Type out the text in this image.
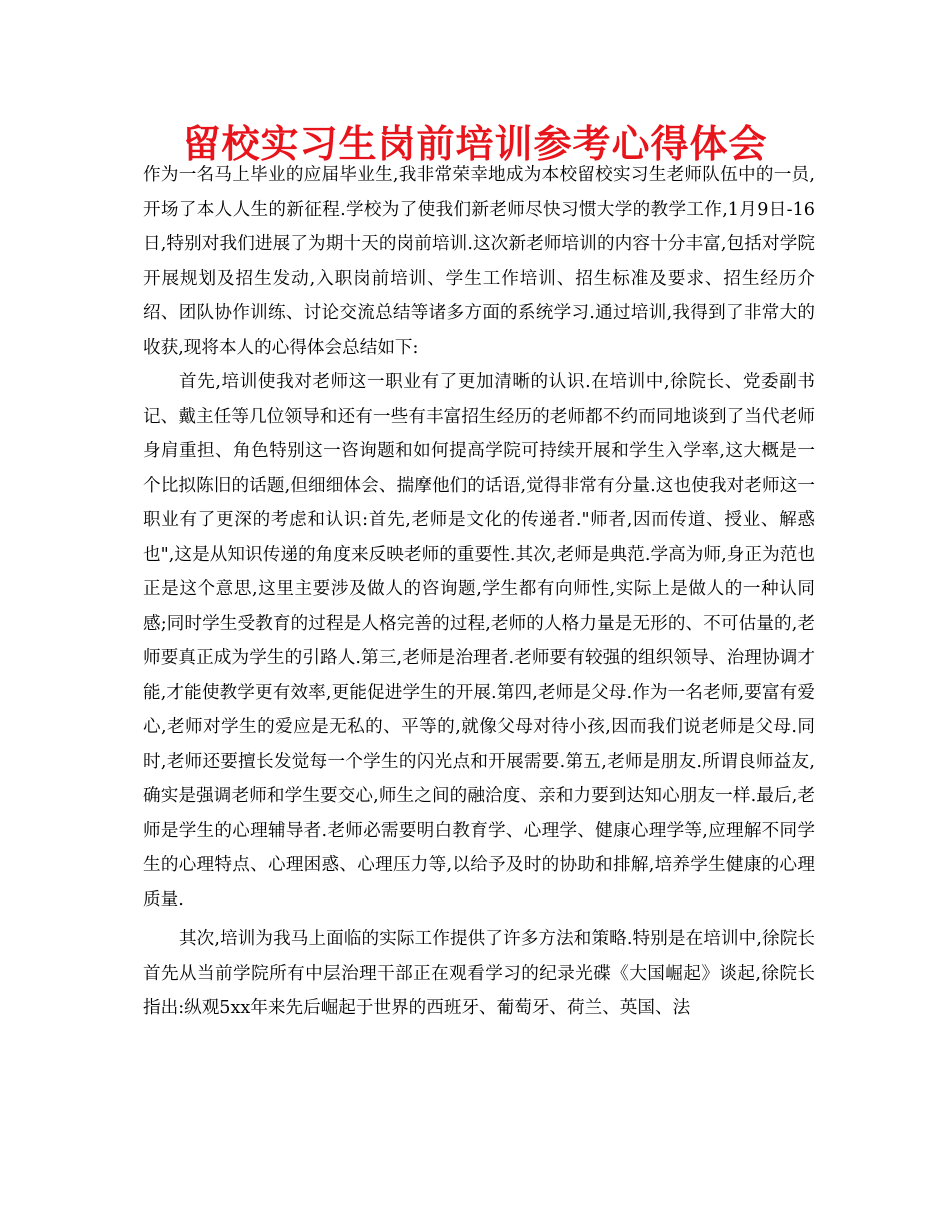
留校实习生岗前培训参考心得体会

作为一名马上毕业的应届毕业生,我非常荣幸地成为本校留校实习生老师队伍中的一员,开场了本人人生的新征程.学校为了使我们新老师尽快习惯大学的教学工作,1月9日-16日,特别对我们进展了为期十天的岗前培训.这次新老师培训的内容十分丰富,包括对学院开展规划及招生发动,入职岗前培训、学生工作培训、招生标准及要求、招生经历介绍、团队协作训练、讨论交流总结等诸多方面的系统学习.通过培训,我得到了非常大的收获,现将本人的心得体会总结如下:

首先,培训使我对老师这一职业有了更加清晰的认识.在培训中,徐院长、党委副书记、戴主任等几位领导和还有一些有丰富招生经历的老师都不约而同地谈到了当代老师身肩重担、角色特别这一咨询题和如何提高学院可持续开展和学生入学率,这大概是一个比拟陈旧的话题,但细细体会、揣摩他们的话语,觉得非常有分量.这也使我对老师这一职业有了更深的考虑和认识:首先,老师是文化的传递者."师者,因而传道、授业、解惑也",这是从知识传递的角度来反映老师的重要性.其次,老师是典范.学高为师,身正为范也正是这个意思,这里主要涉及做人的咨询题,学生都有向师性,实际上是做人的一种认同感;同时学生受教育的过程是人格完善的过程,老师的人格力量是无形的、不可估量的,老师要真正成为学生的引路人.第三,老师是治理者.老师要有较强的组织领导、治理协调才能,才能使教学更有效率,更能促进学生的开展.第四,老师是父母.作为一名老师,要富有爱心,老师对学生的爱应是无私的、平等的,就像父母对待小孩,因而我们说老师是父母.同时,老师还要擅长发觉每一个学生的闪光点和开展需要.第五,老师是朋友.所谓良师益友,确实是强调老师和学生要交心,师生之间的融洽度、亲和力要到达知心朋友一样.最后,老师是学生的心理辅导者.老师必需要明白教育学、心理学、健康心理学等,应理解不同学生的心理特点、心理困惑、心理压力等,以给予及时的协助和排解,培养学生健康的心理质量.

其次,培训为我马上面临的实际工作提供了许多方法和策略.特别是在培训中,徐院长首先从当前学院所有中层治理干部正在观看学习的纪录光碟《大国崛起》谈起,徐院长指出:纵观5xx年来先后崛起于世界的西班牙、葡萄牙、荷兰、英国、法
